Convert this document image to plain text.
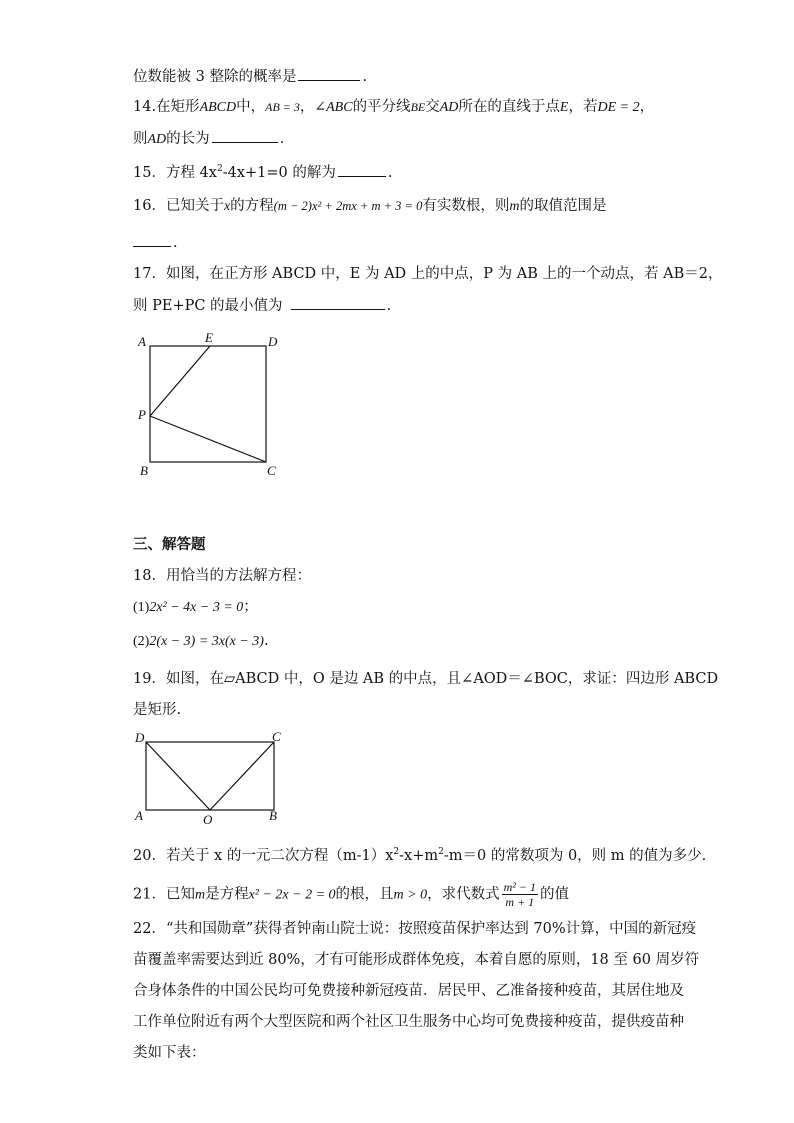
位数能被 3 整除的概率是	.
14.在矩形ABCD中，AB = 3，∠ABC的平分线BE交AD所在的直线于点E，若DE = 2，
则AD的长为	.
15．方程 $4x^2-4x+1=0$ 的解为	.
16．已知关于x的方程(m − 2)x² + 2mx + m + 3 = 0有实数根，则m的取值范围是
.
17．如图，在正方形 ABCD 中，E 为 AD 上的中点，P 为 AB 上的一个动点，若 AB＝2，
则 PE+PC 的最小值为	.
A	E	D
P
B	C
三、解答题
18．用恰当的方法解方程：
(1)2x² − 4x − 3 = 0；
(2)2(x − 3) = 3x(x − 3).
19．如图，在▱ABCD 中，O 是边 AB 的中点，且∠AOD＝∠BOC，求证：四边形 ABCD
是矩形.
D	C
A	O	B
20．若关于 x 的一元二次方程$(m-1)x^2-x+m^2-m=0$ 的常数项为 0，则 m 的值为多少.
21．已知m是方程x² − 2x − 2 = 0的根，且m > 0，求代数式 $\frac{\text{m² − 1}}{m + 1}$ 的值
22．“共和国勋章”获得者钟南山院士说：按照疫苗保护率达到 70%计算，中国的新冠疫
苗覆盖率需要达到近 80%，才有可能形成群体免疫，本着自愿的原则，18 至 60 周岁符
合身体条件的中国公民均可免费接种新冠疫苗．居民甲、乙准备接种疫苗，其居住地及
工作单位附近有两个大型医院和两个社区卫生服务中心均可免费接种疫苗，提供疫苗种
类如下表：
